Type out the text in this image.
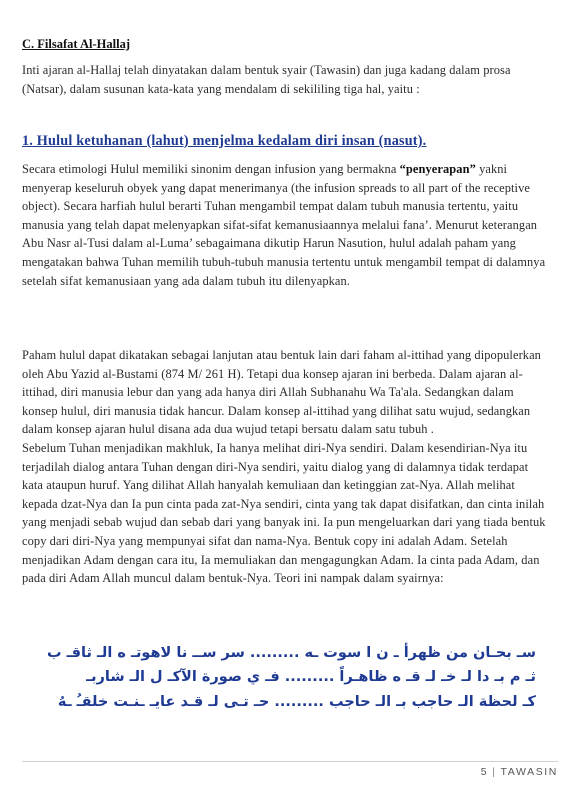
C. Filsafat Al-Hallaj

Inti ajaran al-Hallaj telah dinyatakan dalam bentuk syair (Tawasin) dan juga kadang dalam prosa (Natsar), dalam susunan kata-kata yang mendalam di sekililing tiga hal, yaitu :

1. Hulul ketuhanan (lahut) menjelma kedalam diri insan (nasut).

Secara etimologi Hulul memiliki sinonim dengan infusion yang bermakna “penyerapan” yakni menyerap keseluruh obyek yang dapat menerimanya (the infusion spreads to all part of the receptive object). Secara harfiah hulul berarti Tuhan mengambil tempat dalam tubuh manusia tertentu, yaitu manusia yang telah dapat melenyapkan sifat-sifat kemanusiaannya melalui fana’. Menurut keterangan Abu Nasr al-Tusi dalam al-Luma’ sebagaimana dikutip Harun Nasution, hulul adalah paham yang mengatakan bahwa Tuhan memilih tubuh-tubuh manusia tertentu untuk mengambil tempat di dalamnya setelah sifat kemanusiaan yang ada dalam tubuh itu dilenyapkan.

Paham hulul dapat dikatakan sebagai lanjutan atau bentuk lain dari faham al-ittihad yang dipopulerkan oleh Abu Yazid al-Bustami (874 M/ 261 H). Tetapi dua konsep ajaran ini berbeda. Dalam ajaran al-ittihad, diri manusia lebur dan yang ada hanya diri Allah Subhanahu Wa Ta'ala. Sedangkan dalam konsep hulul, diri manusia tidak hancur. Dalam konsep al-ittihad yang dilihat satu wujud, sedangkan dalam konsep ajaran hulul disana ada dua wujud tetapi bersatu dalam satu tubuh .

Sebelum Tuhan menjadikan makhluk, Ia hanya melihat diri-Nya sendiri. Dalam kesendirian-Nya itu terjadilah dialog antara Tuhan dengan diri-Nya sendiri, yaitu dialog yang di dalamnya tidak terdapat kata ataupun huruf. Yang dilihat Allah hanyalah kemuliaan dan ketinggian zat-Nya. Allah melihat kepada dzat-Nya dan Ia pun cinta pada zat-Nya sendiri, cinta yang tak dapat disifatkan, dan cinta inilah yang menjadi sebab wujud dan sebab dari yang banyak ini. Ia pun mengeluarkan dari yang tiada bentuk copy dari diri-Nya yang mempunyai sifat dan nama-Nya. Bentuk copy ini adalah Adam. Setelah menjadikan Adam dengan cara itu, Ia memuliakan dan mengagungkan Adam. Ia cinta pada Adam, dan pada diri Adam Allah muncul dalam bentuk-Nya. Teori ini nampak dalam syairnya:

سـ بحـان من ظهرأ ـ ن ا سوت ـه ......... سر ســ نا لاهوتـ ه الـ ثاقـ ب

ثـ م بـ دا لـ خـ لـ قـ ه ظاهـراً ......... فـ ي صورة الآكـ ل الـ شاربـ

كـ لحظة الـ حاجب بـ الـ حاجب ......... حـ تـى لـ قـد عايـ ـنـت خلقـُ ـهُ

5 | TAWASIN
